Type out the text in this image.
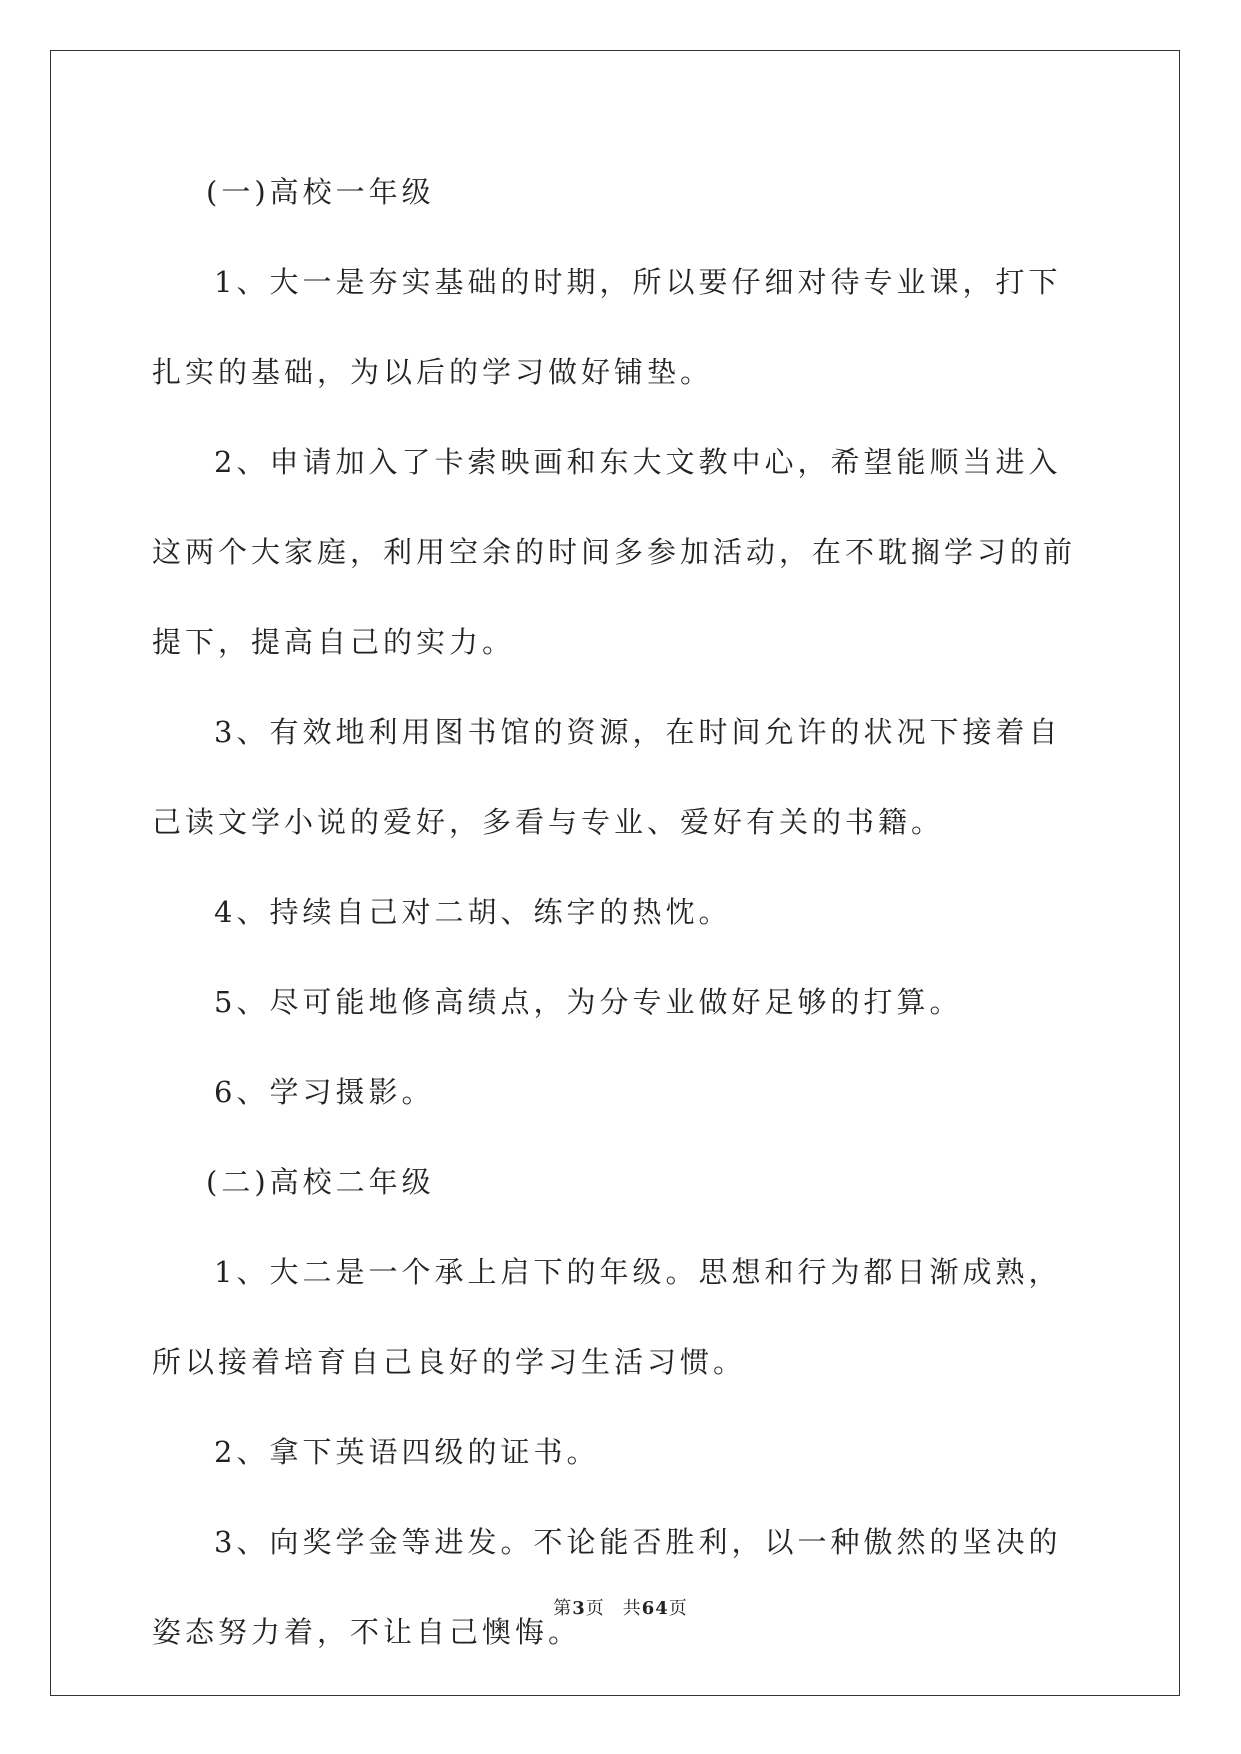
(一)高校一年级

1、大一是夯实基础的时期，所以要仔细对待专业课，打下扎实的基础，为以后的学习做好铺垫。

2、申请加入了卡索映画和东大文教中心，希望能顺当进入这两个大家庭，利用空余的时间多参加活动，在不耽搁学习的前提下，提高自己的实力。

3、有效地利用图书馆的资源，在时间允许的状况下接着自己读文学小说的爱好，多看与专业、爱好有关的书籍。

4、持续自己对二胡、练字的热忱。

5、尽可能地修高绩点，为分专业做好足够的打算。

6、学习摄影。

(二)高校二年级

1、大二是一个承上启下的年级。思想和行为都日渐成熟，所以接着培育自己良好的学习生活习惯。

2、拿下英语四级的证书。

3、向奖学金等进发。不论能否胜利，以一种傲然的坚决的姿态努力着，不让自己懊悔。

第3页 共64页
